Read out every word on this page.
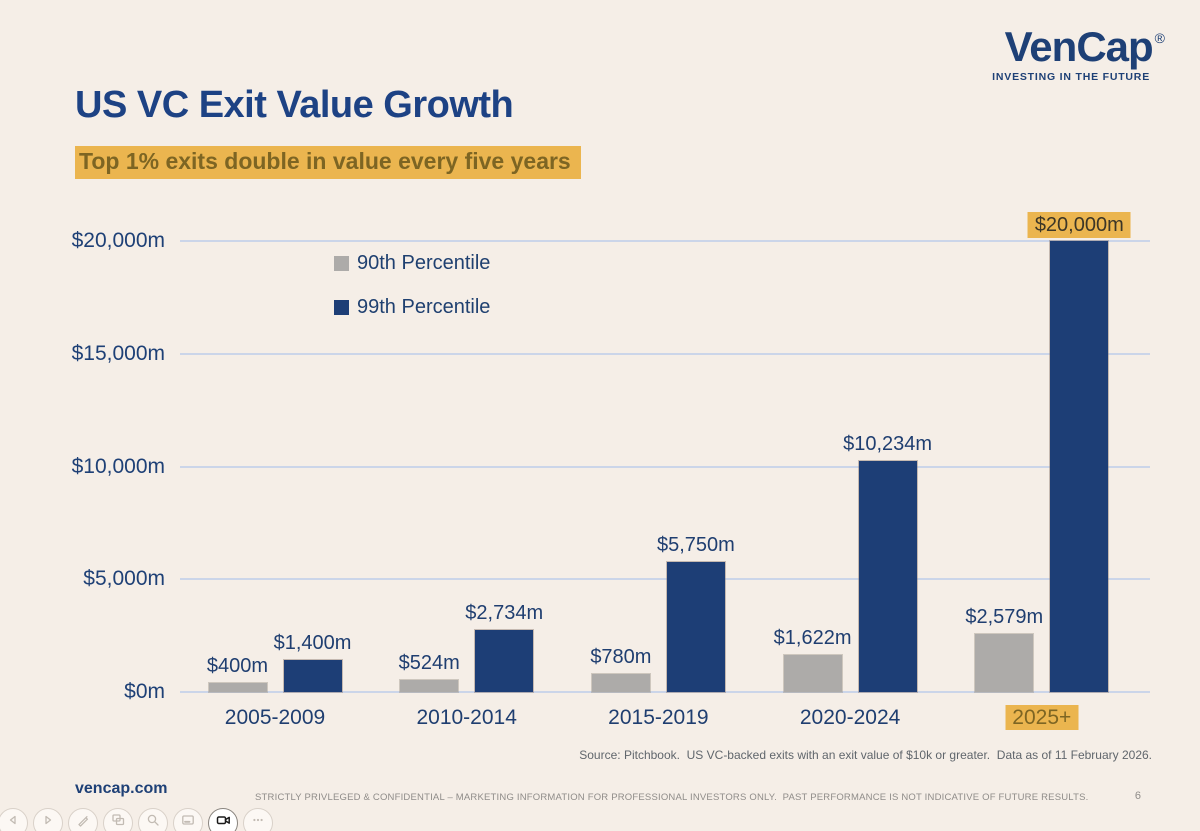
VenCap ®
INVESTING IN THE FUTURE
US VC Exit Value Growth
Top 1% exits double in value every five years
$0m
$5,000m
$10,000m
$15,000m
$20,000m
$400m
$1,400m
2005-2009
$524m
$2,734m
2010-2014
$780m
$5,750m
2015-2019
$1,622m
$10,234m
2020-2024
$2,579m
$20,000m
2025+
90th Percentile
99th Percentile
Source: Pitchbook.  US VC-backed exits with an exit value of $10k or greater.  Data as of 11 February 2026.
vencap.com
STRICTLY PRIVLEGED & CONFIDENTIAL – MARKETING INFORMATION FOR PROFESSIONAL INVESTORS ONLY.  PAST PERFORMANCE IS NOT INDICATIVE OF FUTURE RESULTS.	6
